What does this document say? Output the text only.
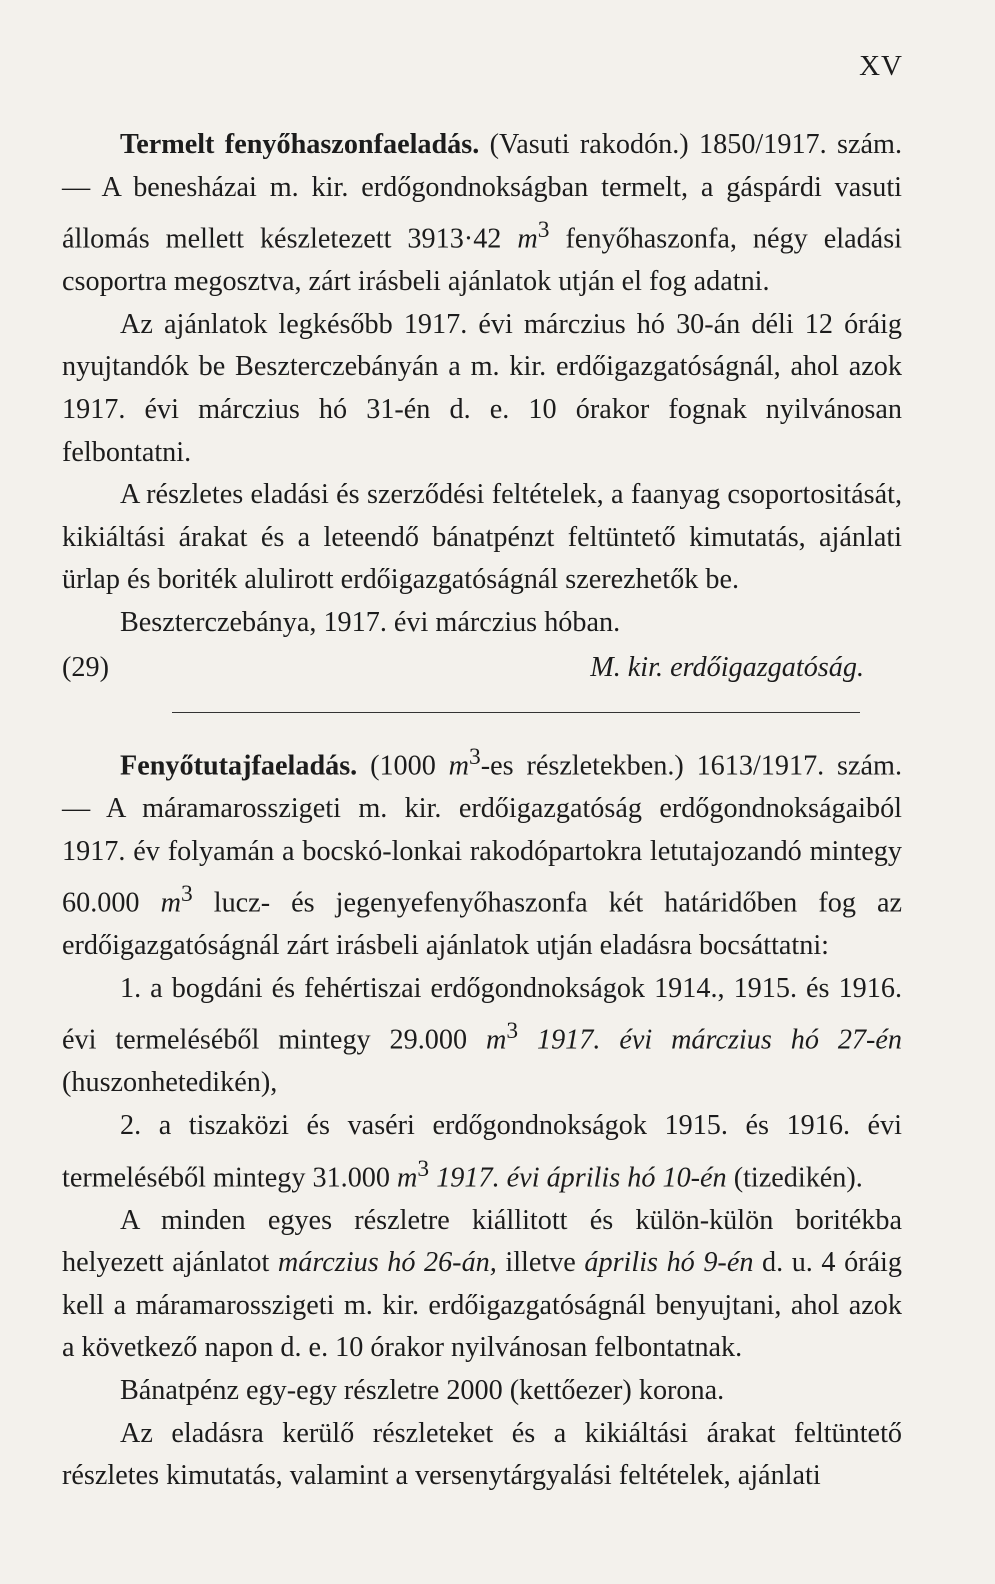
XV

Termelt fenyőhaszonfaeladás. (Vasuti rakodón.) 1850/1917. szám. — A benesházai m. kir. erdőgondnokságban termelt, a gáspárdi vasuti állomás mellett készletezett 3913·42 $m^3$ fenyőhaszonfa, négy eladási csoportra megosztva, zárt irásbeli ajánlatok utján el fog adatni.

Az ajánlatok legkésőbb 1917. évi márczius hó 30-án déli 12 óráig nyujtandók be Beszterczebányán a m. kir. erdőigazgatóságnál, ahol azok 1917. évi márczius hó 31-én d. e. 10 órakor fognak nyilvánosan felbontatni.

A részletes eladási és szerződési feltételek, a faanyag csoportositását, kikiáltási árakat és a leteendő bánatpénzt feltüntető kimutatás, ajánlati ürlap és boriték alulirott erdőigazgatóságnál szerezhetők be.

Beszterczebánya, 1917. évi márczius hóban.

(29)	M. kir. erdőigazgatóság.

Fenyőtutajfaeladás. (1000 $m^3-es$ részletekben.) 1613/1917. szám. — A máramarosszigeti m. kir. erdőigazgatóság erdőgondnokságaiból 1917. év folyamán a bocskó-lonkai rakodópartokra letutajozandó mintegy 60.000 $m^3$ lucz- és jegenyefenyőhaszonfa két határidőben fog az erdőigazgatóságnál zárt irásbeli ajánlatok utján eladásra bocsáttatni:

1. a bogdáni és fehértiszai erdőgondnokságok 1914., 1915. és 1916. évi termeléséből mintegy 29.000 $m^3$ 1917. évi márczius hó 27-én (huszonhetedikén),

2. a tiszaközi és vaséri erdőgondnokságok 1915. és 1916. évi termeléséből mintegy 31.000 $m^3$ 1917. évi április hó 10-én (tizedikén).

A minden egyes részletre kiállitott és külön-külön boritékba helyezett ajánlatot márczius hó 26-án, illetve április hó 9-én d. u. 4 óráig kell a máramarosszigeti m. kir. erdőigazgatóságnál benyujtani, ahol azok a következő napon d. e. 10 órakor nyilvánosan felbontatnak.

Bánatpénz egy-egy részletre 2000 (kettőezer) korona.

Az eladásra kerülő részleteket és a kikiáltási árakat feltüntető részletes kimutatás, valamint a versenytárgyalási feltételek, ajánlati
